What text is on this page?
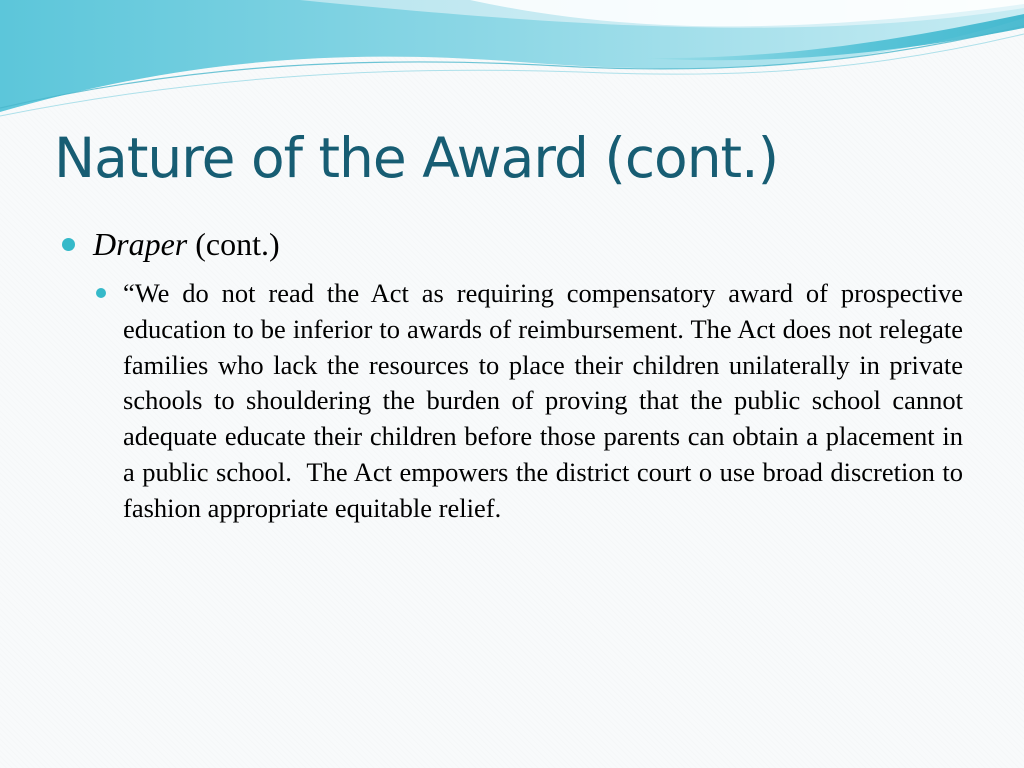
Nature of the Award (cont.)
Draper (cont.)
“We do not read the Act as requiring compensatory award of prospective education to be inferior to awards of reimbursement. The Act does not relegate families who lack the resources to place their children unilaterally in private schools to shouldering the burden of proving that the public school cannot adequate educate their children before those parents can obtain a placement in a public school.  The Act empowers the district court o use broad discretion to fashion appropriate equitable relief.
